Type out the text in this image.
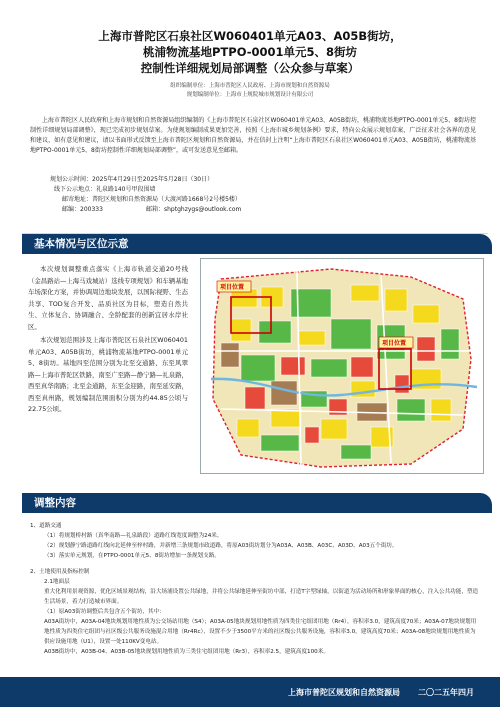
上海市普陀区石泉社区W060401单元A03、A05B街坊，
桃浦物流基地PTPO-0001单元5、8街坊
控制性详细规划局部调整（公众参与草案）
组织编制单位：上海市普陀区人民政府、上海市规划和自然资源局
规划编制单位：上海市上规院城市规划设计有限公司
上海市普陀区人民政府和上海市规划和自然资源局组织编制的《上海市普陀区石泉社区W060401单元A03、A05B街坊，桃浦物流基地PTPO-0001单元5、8街坊控制性详细规划局部调整》，现已完成初步规划草案。为使规划编制成果更加完善，按照《上海市城乡规划条例》要求，特向公众展示规划草案，广泛征求社会各界的意见和建议，如有意见和建议，请以书面形式反馈至上海市普陀区规划和自然资源局，并在信封上注明“上海市普陀区石泉社区W060401单元A03、A05B街坊，桃浦物流基地PTPO-0001单元5、8街坊控制性详细规划局部调整”，或可发送意见至邮箱。
规划公示时间：2025年4月29日至2025年5月28日（30日）
线下公示地点：礼泉路140号甲段围墙
邮寄地址：普陀区规划和自然资源局（大渡河路1668号2号楼5楼）
邮编：200333	邮箱：shptghzygs@outlook.com
基本情况与区位示意

本次规划调整重点落实《上海市轨道交通20号线（金昌路站—上海马戏城站）选线专项规划》和车辆基地车场深化方案，并协调周边地块发展，以国际视野、生态共享、TOD复合开发、品质社区为目标，塑造自然共生、立体复合、协调融合、全龄配套的创新宜居水岸社区。

本次规划范围涉及上海市普陀区石泉社区W060401单元A03、A05B街坊，桃浦物流基地PTPO-0001单元5、8街坊。基地四至范围分别为北至交通路、东至风翠路—上海市普陀区铁路，南至广至路—静宁路—礼泉路，西至真华南路；北至金通路，东至金迎路，南至延安路，西至真州路，规划编制范围面积分别为约44.85公顷与22.75公顷。

项目位置
项目位置
调整内容
1、道路交通
（1）将规划桥村路（真华南路—礼泉路段）道路红线宽度调整为24米。
（2）规划静宁路道路红线向北延伸至梓村路，并新增三条规划市政道路，将原A03街坊划分为A03A、A03B、A03C、A03D、A03五个街坊。
（3）落实单元规划，在PTPO-0001单元5、8街坊增加一条规划支路。
2、土地使用及指标控制
2.1地面层
重大化利用景观资源，优化区域景观结构，沿大场浦设置公共绿地，并将公共绿地延伸至街坊中部，打造T字型绿轴，以街道为活动场所和形象界面的核心，注入公共功能，塑造生活场景，着力打造城市界面。
（1）原A03街坊调整后共包含五个街坊，其中：
A03A街坊中，A03A-04地块规划用地性质为公交场站用地（S4）；A03A-05地块规划用地性质为四类住宅组团用地（Rr4），容积率3.0，建筑高度70米；A03A-07地块规划用地性质为四类住宅组团与社区级公共服务设施混合用地（Rr4Rc），设置不少于3500平方米的社区级公共服务设施，容积率3.0，建筑高度70米；A03A-08地块规划用地性质为供应设施用地（U1），设置一处110KV变电站。
A03B街坊中，A03B-04、A03B-05地块规划用地性质为三类住宅组团用地（Rr3），容积率2.5，建筑高度100米。
上海市普陀区规划和自然资源局 二〇二五年四月
